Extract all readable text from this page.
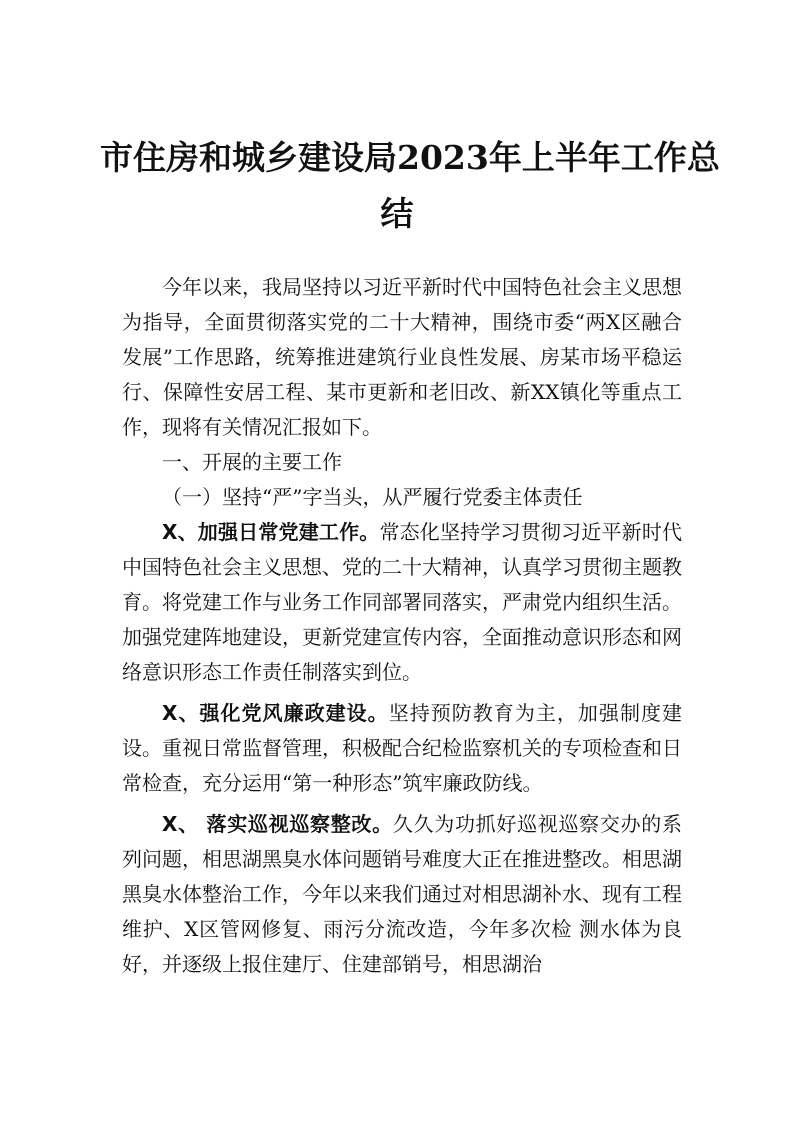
市住房和城乡建设局2023年上半年工作总
结

今年以来，我局坚持以习近平新时代中国特色社会主义思想为指导，全面贯彻落实党的二十大精神，围绕市委“两X区融合发展”工作思路，统筹推进建筑行业良性发展、房某市场平稳运行、保障性安居工程、某市更新和老旧改、新XX镇化等重点工作，现将有关情况汇报如下。

一、开展的主要工作

（一）坚持“严”字当头，从严履行党委主体责任

X、加强日常党建工作。常态化坚持学习贯彻习近平新时代中国特色社会主义思想、党的二十大精神，认真学习贯彻主题教育。将党建工作与业务工作同部署同落实，严肃党内组织生活。加强党建阵地建设，更新党建宣传内容，全面推动意识形态和网络意识形态工作责任制落实到位。

X、强化党风廉政建设。坚持预防教育为主，加强制度建设。重视日常监督管理，积极配合纪检监察机关的专项检查和日常检查，充分运用“第一种形态”筑牢廉政防线。

X、 落实巡视巡察整改。久久为功抓好巡视巡察交办的系列问题，相思湖黑臭水体问题销号难度大正在推进整改。相思湖黑臭水体整治工作，今年以来我们通过对相思湖补水、现有工程维护、X区管网修复、雨污分流改造，今年多次检 测水体为良好，并逐级上报住建厅、住建部销号，相思湖治
